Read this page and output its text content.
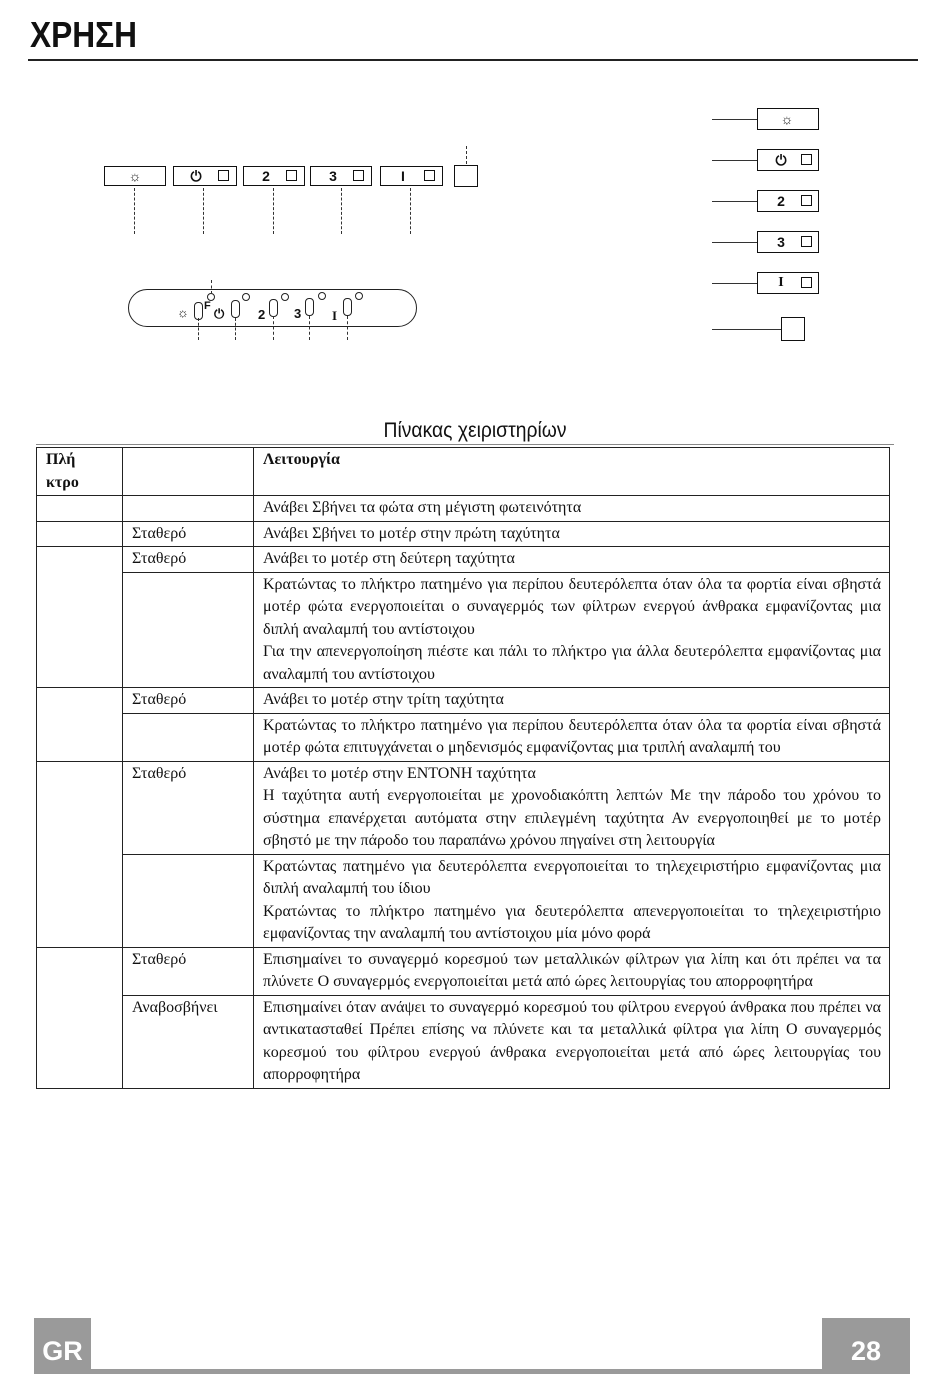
ΧΡΗΣΗ
☼	⏻	2	3	I
☼ F ⏻	2 3 I
☼
⏻
2
3
I
Πίνακας χειριστηρίων
Πλή
κτρο		Λειτουργία
		Ανάβει Σβήνει τα φώτα στη μέγιστη φωτεινότητα
	Σταθερό	Ανάβει Σβήνει το μοτέρ στην πρώτη ταχύτητα
	Σταθερό	Ανάβει το μοτέρ στη δεύτερη ταχύτητα

		Κρατώντας το πλήκτρο πατημένο για περίπου δευτερόλεπτα όταν όλα τα φορτία είναι σβηστά μοτέρ φώτα ενεργοποιείται ο συναγερμός των φίλτρων ενεργού άνθρακα εμφανίζοντας μια διπλή αναλαμπή του αντίστοιχου
Για την απενεργοποίηση πιέστε και πάλι το πλήκτρο για άλλα δευτερόλεπτα εμφανίζοντας μια αναλαμπή του αντίστοιχου

	Σταθερό	Ανάβει το μοτέρ στην τρίτη ταχύτητα
		Κρατώντας το πλήκτρο πατημένο για περίπου δευτερόλεπτα όταν όλα τα φορτία είναι σβηστά μοτέρ φώτα επιτυγχάνεται ο μηδενισμός εμφανίζοντας μια τριπλή αναλαμπή του
	Σταθερό	Ανάβει το μοτέρ στην ΕΝΤΟΝΗ ταχύτητα
Η ταχύτητα αυτή ενεργοποιείται με χρονοδιακόπτη λεπτών Με την πάροδο του χρόνου το σύστημα επανέρχεται αυτόματα στην επιλεγμένη ταχύτητα Αν ενεργοποιηθεί με το μοτέρ σβηστό με την πάροδο του παραπάνω χρόνου πηγαίνει στη λειτουργία

		Κρατώντας πατημένο για δευτερόλεπτα ενεργοποιείται το τηλεχειριστήριο εμφανίζοντας μια διπλή αναλαμπή του ίδιου
Κρατώντας το πλήκτρο πατημένο για δευτερόλεπτα απενεργοποιείται το τηλεχειριστήριο εμφανίζοντας την αναλαμπή του αντίστοιχου μία μόνο φορά

	Σταθερό	Επισημαίνει το συναγερμό κορεσμού των μεταλλικών φίλτρων για λίπη και ότι πρέπει να τα πλύνετε Ο συναγερμός ενεργοποιείται μετά από ώρες λειτουργίας του απορροφητήρα
	Αναβοσβήνει	Επισημαίνει όταν ανάψει το συναγερμό κορεσμού του φίλτρου ενεργού άνθρακα που πρέπει να αντικατασταθεί Πρέπει επίσης να πλύνετε και τα μεταλλικά φίλτρα για λίπη Ο συναγερμός κορεσμού του φίλτρου ενεργού άνθρακα ενεργοποιείται μετά από ώρες λειτουργίας του απορροφητήρα
GR	28
